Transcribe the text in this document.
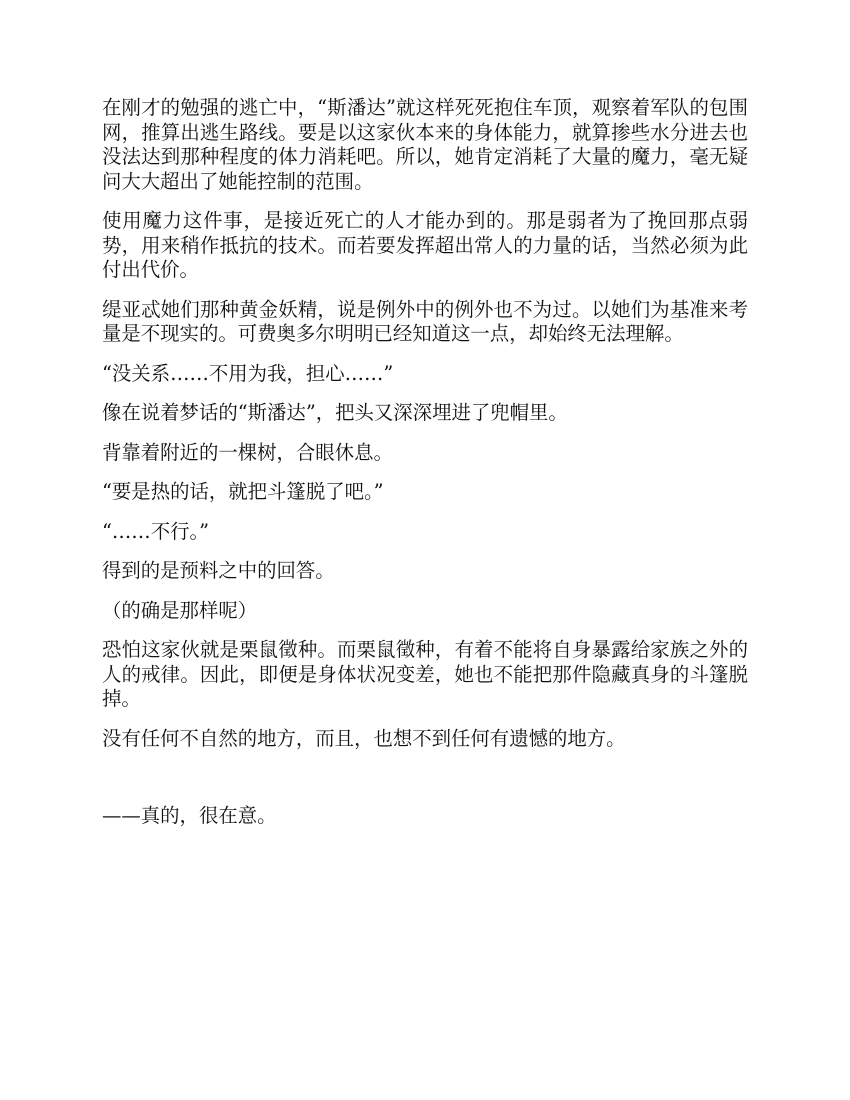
在刚才的勉强的逃亡中，“斯潘达”就这样死死抱住车顶，观察着军队的包围网，推算出逃生路线。要是以这家伙本来的身体能力，就算掺些水分进去也没法达到那种程度的体力消耗吧。所以，她肯定消耗了大量的魔力，毫无疑问大大超出了她能控制的范围。

使用魔力这件事，是接近死亡的人才能办到的。那是弱者为了挽回那点弱势，用来稍作抵抗的技术。而若要发挥超出常人的力量的话，当然必须为此付出代价。

缇亚忒她们那种黄金妖精，说是例外中的例外也不为过。以她们为基准来考量是不现实的。可费奥多尔明明已经知道这一点，却始终无法理解。

“没关系……不用为我，担心……”

像在说着梦话的“斯潘达”，把头又深深埋进了兜帽里。

背靠着附近的一棵树，合眼休息。

“要是热的话，就把斗篷脱了吧。”

“……不行。”

得到的是预料之中的回答。

（的确是那样呢）

恐怕这家伙就是栗鼠徵种。而栗鼠徵种，有着不能将自身暴露给家族之外的人的戒律。因此，即便是身体状况变差，她也不能把那件隐藏真身的斗篷脱掉。

没有任何不自然的地方，而且，也想不到任何有遗憾的地方。

——真的，很在意。
